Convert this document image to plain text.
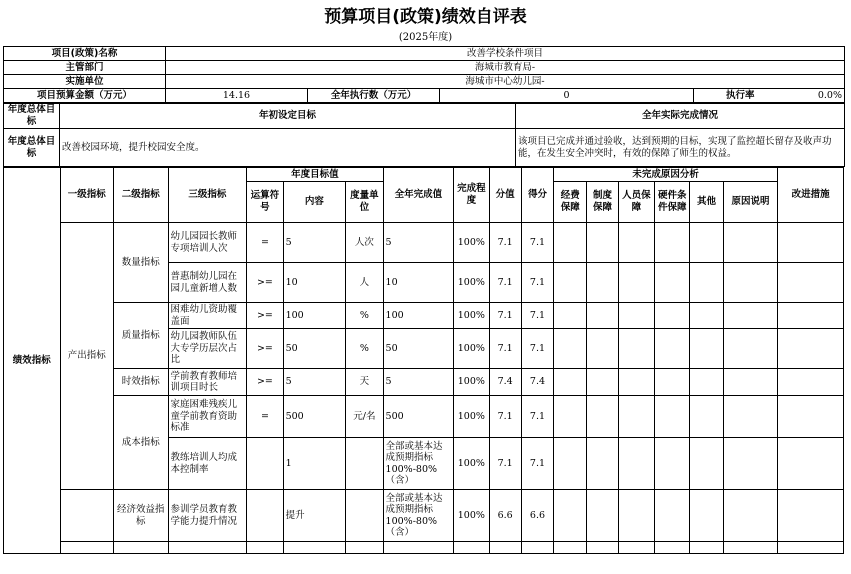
预算项目(政策)绩效自评表
(2025年度)
项目(政策)名称	改善学校条件项目			
主管部门	海城市教育局-			
实施单位	海城市中心幼儿园-			
项目预算金额（万元）	14.16	全年执行数（万元）	0	执行率 0.0%
年度总体目标	年初设定目标	全年实际完成情况
年度总体目标	改善校园环境，提升校园安全度。	该项目已完成并通过验收，达到预期的目标，实现了监控超长留存及收声功能，在发生安全冲突时，有效的保障了师生的权益。
绩效指标	一级指标	二级指标	三级指标	年度目标值			全年完成值	完成程度	分值	得分	未完成原因分析						改进措施
				运算符号	内容	度量单位					经费保障	制度保障	人员保障	硬件条件保障	其他	原因说明	
	产出指标	数量指标	幼儿园园长教师专项培训人次	=	5	人次	5	100%	7.1	7.1							
			普惠制幼儿园在园儿童新增人数	>=	10	人	10	100%	7.1	7.1							
		质量指标	困难幼儿资助覆盖面	>=	100	%	100	100%	7.1	7.1							
			幼儿园教师队伍大专学历层次占比	>=	50	%	50	100%	7.1	7.1							
		时效指标	学前教育教师培训项目时长	>=	5	天	5	100%	7.4	7.4							
		成本指标	家庭困难残疾儿童学前教育资助标准	=	500	元/名	500	100%	7.1	7.1							
			教练培训人均成本控制率		1		全部或基本达成预期指标100%-80%（含）	100%	7.1	7.1							
		经济效益指标	参训学员教育教学能力提升情况		提升		全部或基本达成预期指标100%-80%（含）	100%	6.6	6.6							
